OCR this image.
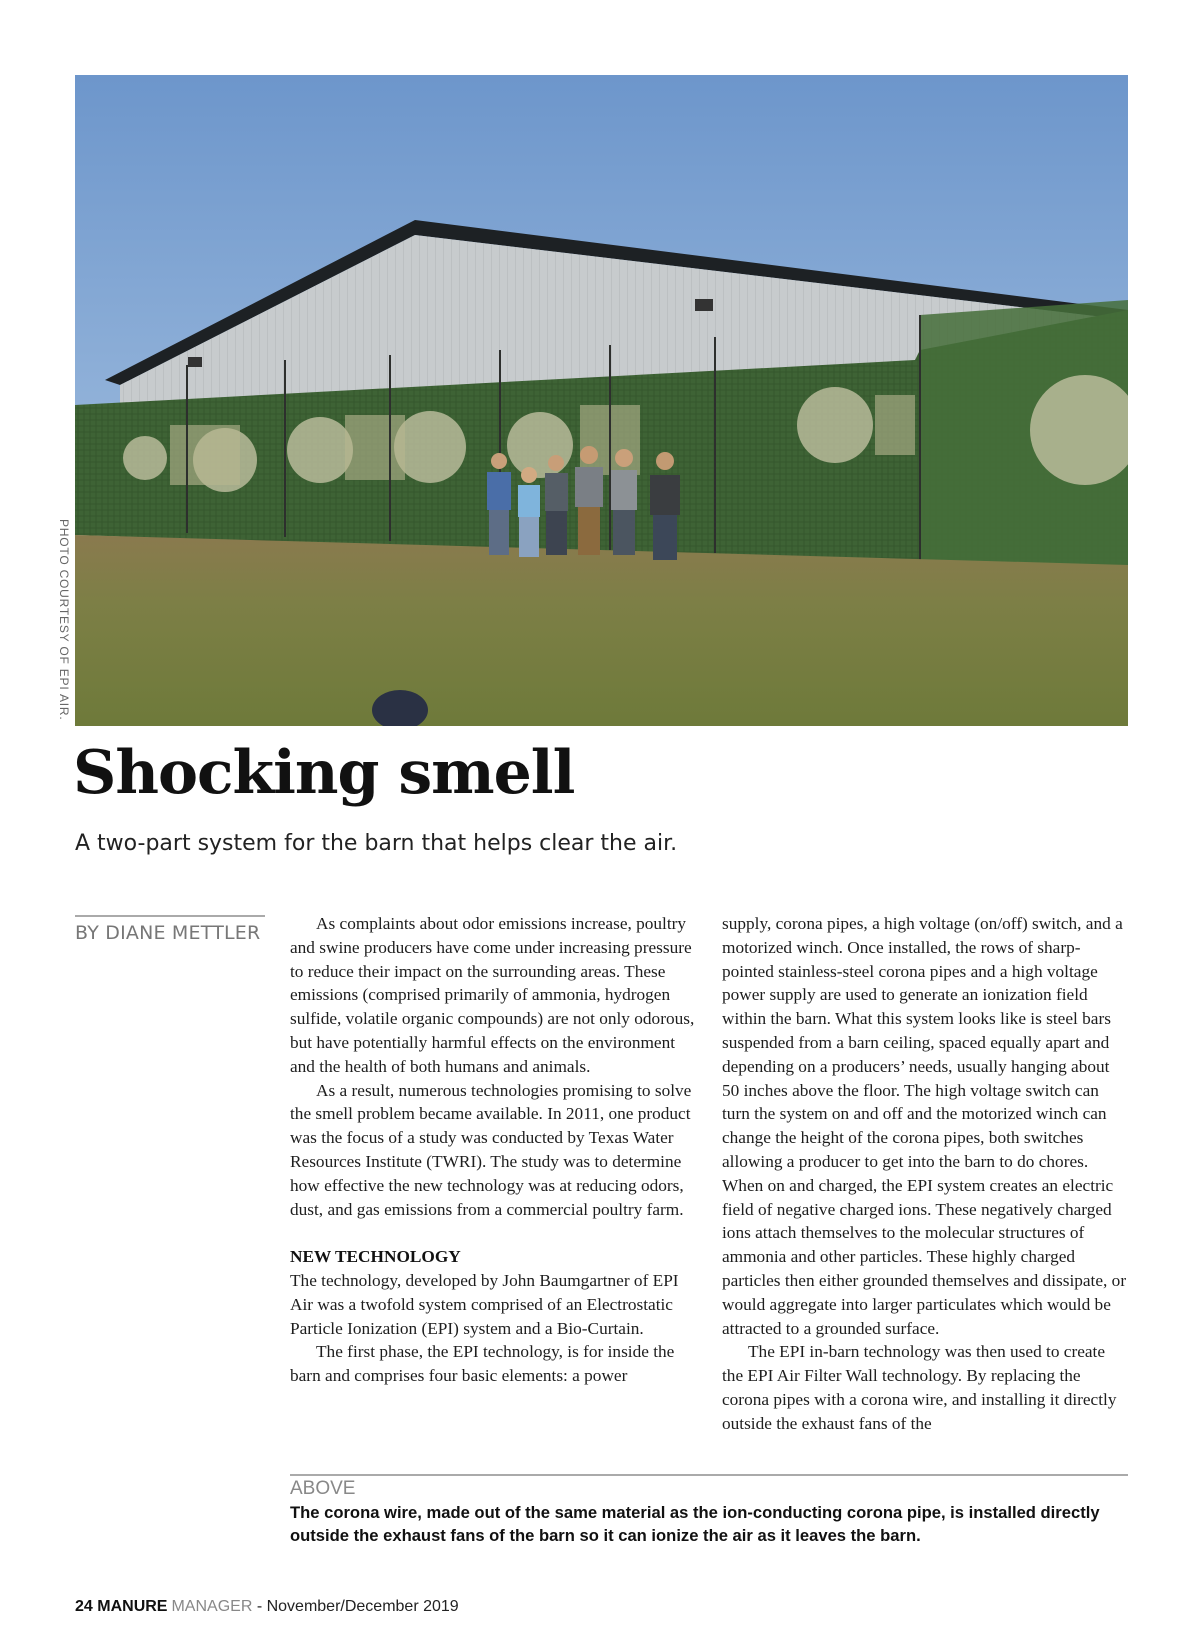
PHOTO COURTESY OF EPI AIR.
Shocking smell

A two-part system for the barn that helps clear the air.

BY DIANE METTLER	As complaints about odor emissions increase, poultry and swine producers have come under increasing pressure to reduce their impact on the surrounding areas. These emissions (comprised primarily of ammonia, hydrogen sulfide, volatile organic compounds) are not only odorous, but have potentially harmful effects on the environment and the health of both humans and animals.

As a result, numerous technologies promising to solve the smell problem became available. In 2011, one product was the focus of a study was conducted by Texas Water Resources Institute (TWRI). The study was to determine how effective the new technology was at reducing odors, dust, and gas emissions from a commercial poultry farm.

NEW TECHNOLOGY

The technology, developed by John Baumgartner of EPI Air was a twofold system comprised of an Electrostatic Particle Ionization (EPI) system and a Bio-Curtain.

The first phase, the EPI technology, is for inside the barn and comprises four basic elements: a power

supply, corona pipes, a high voltage (on/off) switch, and a motorized winch. Once installed, the rows of sharp-pointed stainless-steel corona pipes and a high voltage power supply are used to generate an ionization field within the barn. What this system looks like is steel bars suspended from a barn ceiling, spaced equally apart and depending on a producers’ needs, usually hanging about 50 inches above the floor. The high voltage switch can turn the system on and off and the motorized winch can change the height of the corona pipes, both switches allowing a producer to get into the barn to do chores. When on and charged, the EPI system creates an electric field of negative charged ions. These negatively charged ions attach themselves to the molecular structures of ammonia and other particles. These highly charged particles then either grounded themselves and dissipate, or would aggregate into larger particulates which would be attracted to a grounded surface.

The EPI in-barn technology was then used to create the EPI Air Filter Wall technology. By replacing the corona pipes with a corona wire, and installing it directly outside the exhaust fans of the

ABOVE
The corona wire, made out of the same material as the ion-conducting corona pipe, is installed directly outside the exhaust fans of the barn so it can ionize the air as it leaves the barn.
24 MANURE MANAGER - November/December 2019
